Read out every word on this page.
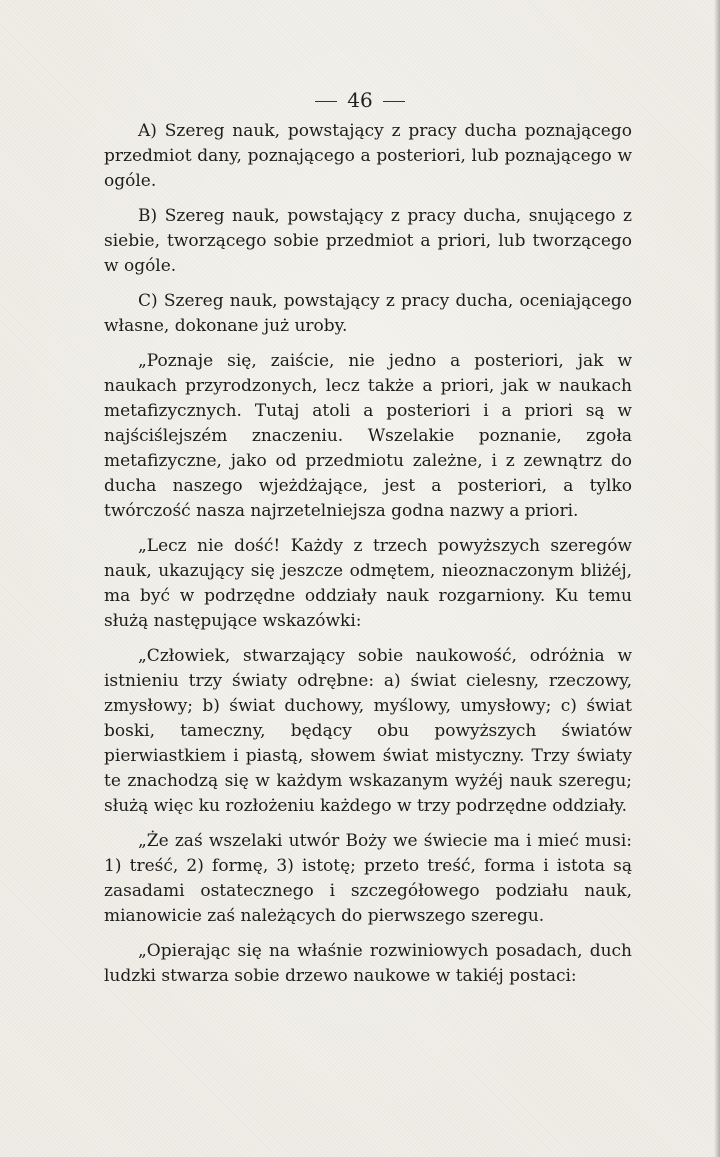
46

A) Szereg nauk, powstający z pracy ducha poznającego przedmiot dany, poznającego a posteriori, lub poznającego w ogóle.

B) Szereg nauk, powstający z pracy ducha, snującego z siebie, tworzącego sobie przedmiot a priori, lub tworzącego w ogóle.

C) Szereg nauk, powstający z pracy ducha, oceniającego własne, dokonane już uroby.

„Poznaje się, zaiście, nie jedno a posteriori, jak w naukach przyrodzonych, lecz także a priori, jak w naukach metafizycznych. Tutaj atoli a posteriori i a priori są w najściślejszém znaczeniu. Wszelakie poznanie, zgoła metafizyczne, jako od przedmiotu zależne, i z zewnątrz do ducha naszego wjeżdżające, jest a posteriori, a tylko twórczość nasza najrzetelniejsza godna nazwy a priori.

„Lecz nie dość! Każdy z trzech powyższych szeregów nauk, ukazujący się jeszcze odmętem, nieoznaczonym bliżéj, ma być w podrzędne oddziały nauk rozgarniony. Ku temu służą następujące wskazówki:

„Człowiek, stwarzający sobie naukowość, odróżnia w istnieniu trzy światy odrębne: a) świat cielesny, rzeczowy, zmysłowy; b) świat duchowy, myślowy, umysłowy; c) świat boski, tameczny, będący obu powyższych światów pierwiastkiem i piastą, słowem świat mistyczny. Trzy światy te znachodzą się w każdym wskazanym wyżéj nauk szeregu; służą więc ku rozłożeniu każdego w trzy podrzędne oddziały.

„Że zaś wszelaki utwór Boży we świecie ma i mieć musi: 1) treść, 2) formę, 3) istotę; przeto treść, forma i istota są zasadami ostatecznego i szczegółowego podziału nauk, mianowicie zaś należących do pierwszego szeregu.

„Opierając się na właśnie rozwiniowych posadach, duch ludzki stwarza sobie drzewo naukowe w takiéj postaci:
